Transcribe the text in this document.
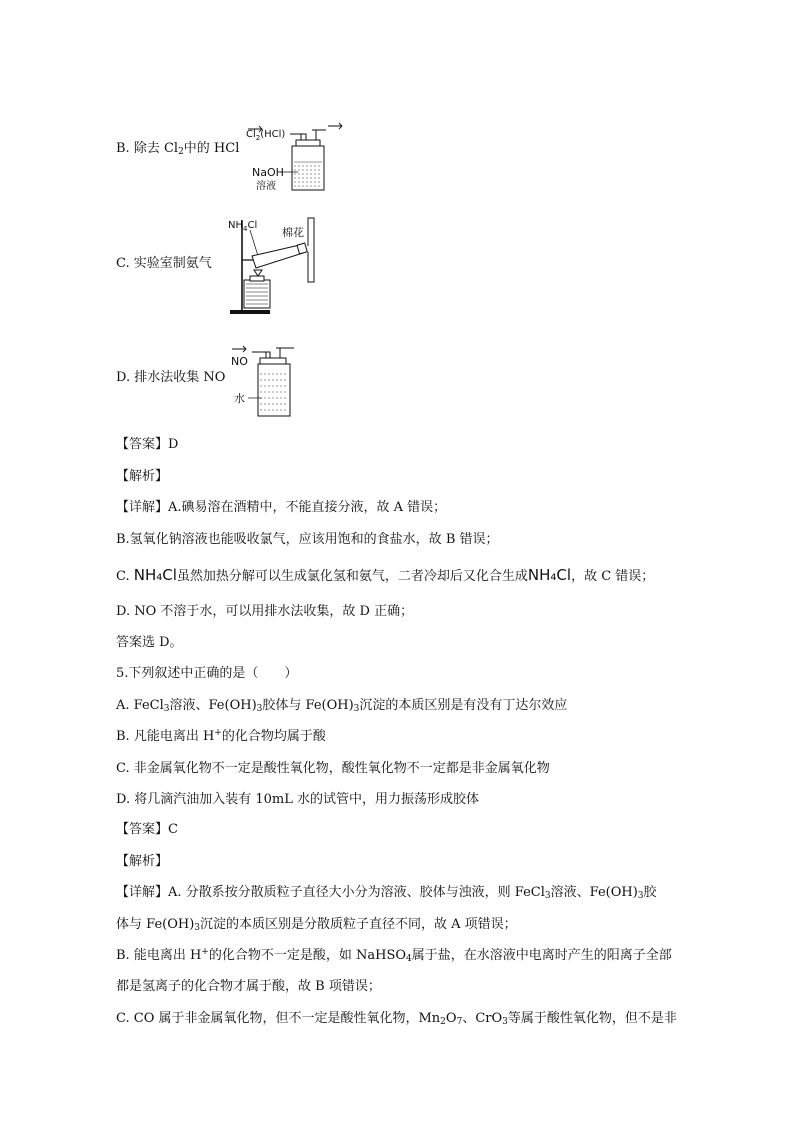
B. 除去 $Cl_2$中的 HCl
$Cl_2(HCl)$
NaOH
溶液
C. 实验室制氨气
$NH_4Cl$
棉花
D. 排水法收集 NO
NO
水
【答案】D
【解析】
【详解】A.碘易溶在酒精中，不能直接分液，故 A 错误；
B.氢氧化钠溶液也能吸收氯气，应该用饱和的食盐水，故 B 错误；
C. NH₄Cl虽然加热分解可以生成氯化氢和氨气，二者冷却后又化合生成NH₄Cl，故 C 错误；
D. NO 不溶于水，可以用排水法收集，故 D 正确；
答案选 D。
5.下列叙述中正确的是（　　）
A. FeCl$_3$溶液、$Fe(OH)_3$胶体与 $Fe(OH)_3$沉淀的本质区别是有没有丁达尔效应
B. 凡能电离出 H+的化合物均属于酸
C. 非金属氧化物不一定是酸性氧化物，酸性氧化物不一定都是非金属氧化物
D. 将几滴汽油加入装有 10mL 水的试管中，用力振荡形成胶体
【答案】C
【解析】
【详解】A. 分散系按分散质粒子直径大小分为溶液、胶体与浊液，则 FeCl$_3$溶液、$Fe(OH)_3$胶
体与 $Fe(OH)_3$沉淀的本质区别是分散质粒子直径不同，故 A 项错误；
B. 能电离出 H+的化合物不一定是酸，如 NaHSO$_4$属于盐，在水溶液中电离时产生的阳离子全部
都是氢离子的化合物才属于酸，故 B 项错误；
C. CO 属于非金属氧化物，但不一定是酸性氧化物，$Mn_2O_7$、CrO$_3$等属于酸性氧化物，但不是非
